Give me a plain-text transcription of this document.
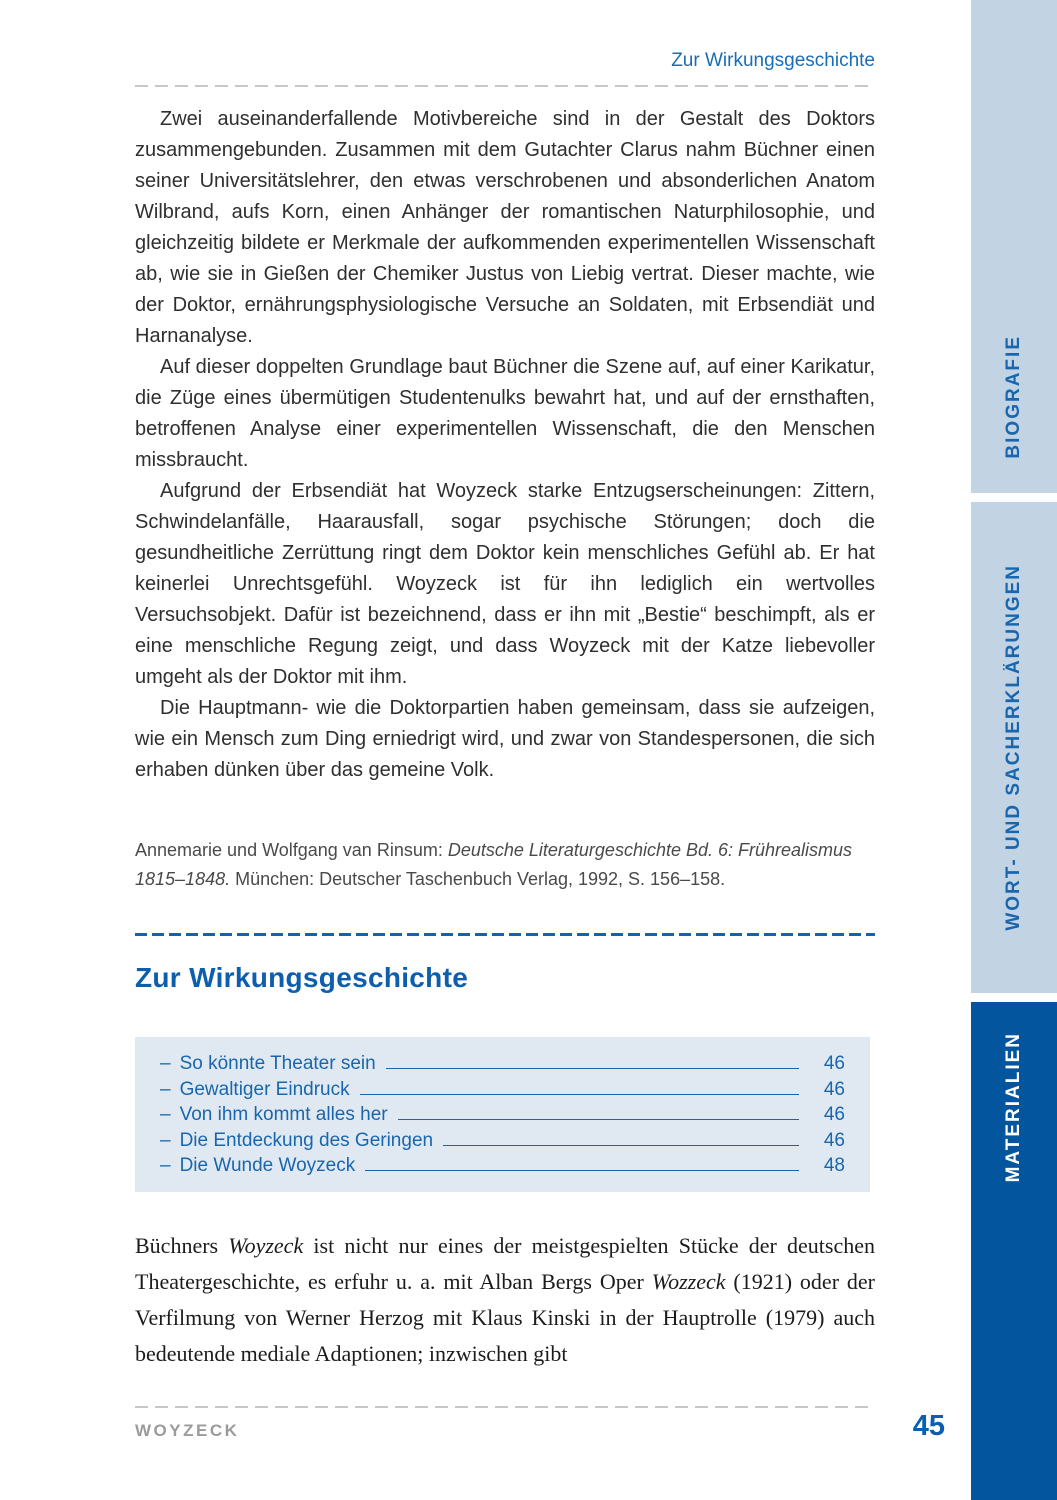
Zur Wirkungsgeschichte

Zwei auseinanderfallende Motivbereiche sind in der Gestalt des Doktors zusammengebunden. Zusammen mit dem Gutachter Clarus nahm Büchner einen seiner Universitätslehrer, den etwas verschrobenen und absonderlichen Anatom Wilbrand, aufs Korn, einen Anhänger der romantischen Naturphilosophie, und gleichzeitig bildete er Merkmale der aufkommenden experimentellen Wissenschaft ab, wie sie in Gießen der Chemiker Justus von Liebig vertrat. Dieser machte, wie der Doktor, ernährungsphysiologische Versuche an Soldaten, mit Erbsendiät und Harnanalyse.

Auf dieser doppelten Grundlage baut Büchner die Szene auf, auf einer Karikatur, die Züge eines übermütigen Studentenulks bewahrt hat, und auf der ernsthaften, betroffenen Analyse einer experimentellen Wissenschaft, die den Menschen missbraucht.

Aufgrund der Erbsendiät hat Woyzeck starke Entzugserscheinungen: Zittern, Schwindelanfälle, Haarausfall, sogar psychische Störungen; doch die gesundheitliche Zerrüttung ringt dem Doktor kein menschliches Gefühl ab. Er hat keinerlei Unrechtsgefühl. Woyzeck ist für ihn lediglich ein wertvolles Versuchsobjekt. Dafür ist bezeichnend, dass er ihn mit „Bestie“ beschimpft, als er eine menschliche Regung zeigt, und dass Woyzeck mit der Katze liebevoller umgeht als der Doktor mit ihm.

Die Hauptmann- wie die Doktorpartien haben gemeinsam, dass sie aufzeigen, wie ein Mensch zum Ding erniedrigt wird, und zwar von Standespersonen, die sich erhaben dünken über das gemeine Volk.

Annemarie und Wolfgang van Rinsum: Deutsche Literaturgeschichte Bd. 6: Frührealismus 1815–1848. München: Deutscher Taschenbuch Verlag, 1992, S. 156–158.
Zur Wirkungsgeschichte
– So könnte Theater sein	46
– Gewaltiger Eindruck	46
– Von ihm kommt alles her	46
– Die Entdeckung des Geringen	46
– Die Wunde Woyzeck	48
Büchners Woyzeck ist nicht nur eines der meistgespielten Stücke der deutschen Theatergeschichte, es erfuhr u. a. mit Alban Bergs Oper Wozzeck (1921) oder der Verfilmung von Werner Herzog mit Klaus Kinski in der Hauptrolle (1979) auch bedeutende mediale Adaptionen; inzwischen gibt
WOYZECK	45
BIOGRAFIE
WORT- UND SACHERKLÄRUNGEN
MATERIALIEN
